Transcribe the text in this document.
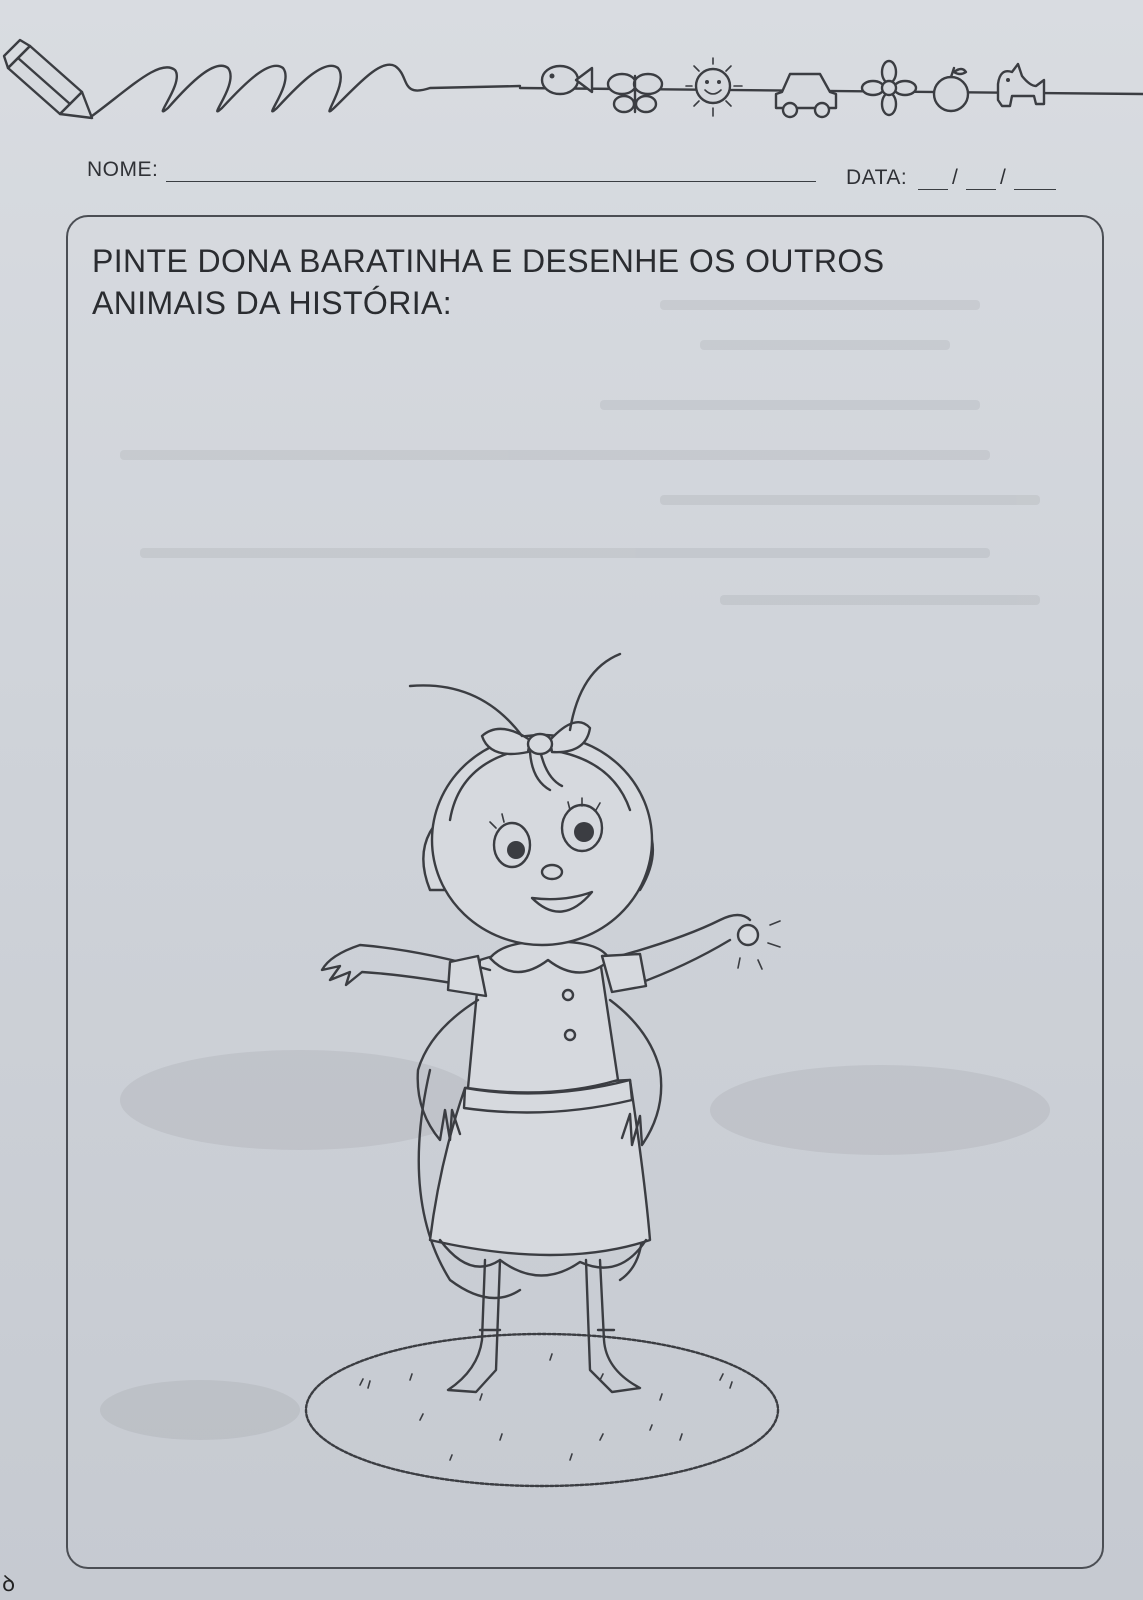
NOME:	DATA: / /
PINTE DONA BARATINHA E DESENHE OS OUTROS
ANIMAIS DA HISTÓRIA:
ꝺ
